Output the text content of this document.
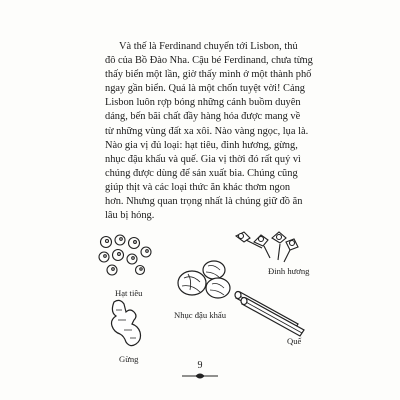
Và thế là Ferdinand chuyển tới Lisbon, thủ
đô của Bồ Đào Nha. Cậu bé Ferdinand, chưa từng
thấy biển một lần, giờ thấy mình ở một thành phố
ngay gần biển. Quả là một chốn tuyệt vời! Cảng
Lisbon luôn rợp bóng những cánh buồm duyên
dáng, bến bãi chất đầy hàng hóa được mang về
từ những vùng đất xa xôi. Nào vàng ngọc, lụa là.
Nào gia vị đủ loại: hạt tiêu, đinh hương, gừng,
nhục đậu khấu và quế. Gia vị thời đó rất quý vì
chúng được dùng để sản xuất bia. Chúng cũng
giúp thịt và các loại thức ăn khác thơm ngon
hơn. Nhưng quan trọng nhất là chúng giữ đồ ăn
lâu bị hỏng.
Hạt tiêu
Đinh hương
Nhục đậu khấu
Gừng
Quế
9
